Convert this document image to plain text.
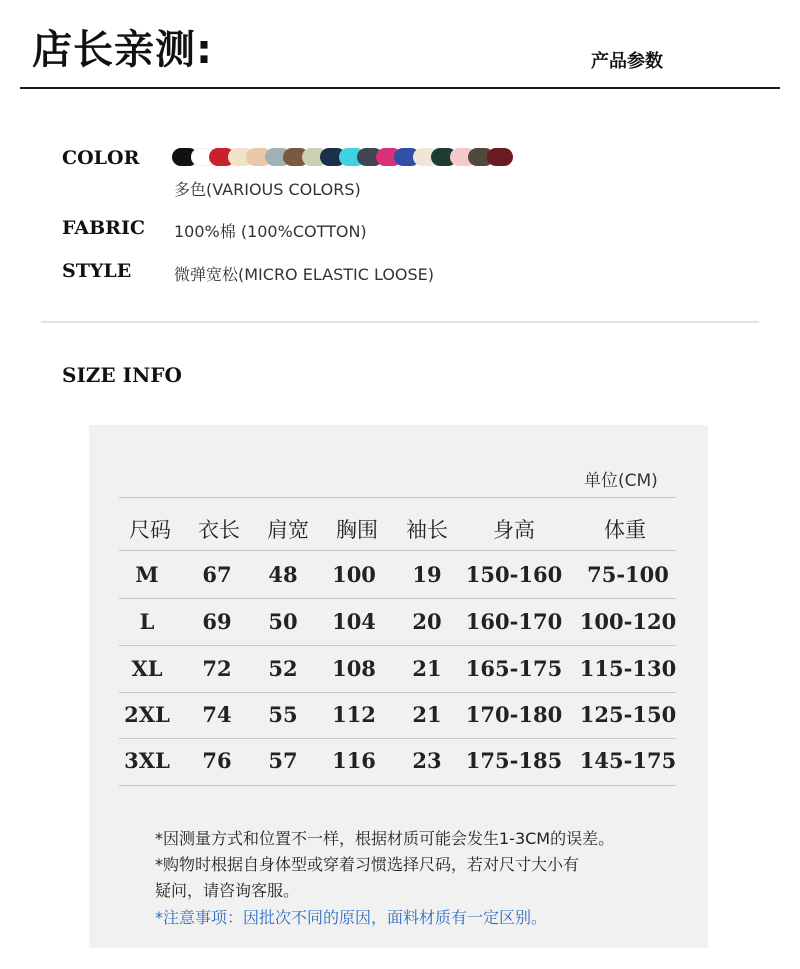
店长亲测:	产品参数
COLOR
多色(VARIOUS COLORS)
FABRIC 100%棉 (100%COTTON)
STYLE	微弹宽松(MICRO ELASTIC LOOSE)
SIZE INFO
单位(CM)
尺码 衣长 肩宽 胸围 袖长 身高	体重
M 67 48 100 19 150-160 75-100
L 69 50 104 20 160-170 100-120
XL 72 52 108 21 165-175 115-130
2XL 74 55 112 21 170-180 125-150
3XL 76 57 116 23 175-185 145-175
*因测量方式和位置不一样，根据材质可能会发生1-3CM的误差。
*购物时根据自身体型或穿着习惯选择尺码，若对尺寸大小有
疑问，请咨询客服。
*注意事项：因批次不同的原因，面料材质有一定区别。
